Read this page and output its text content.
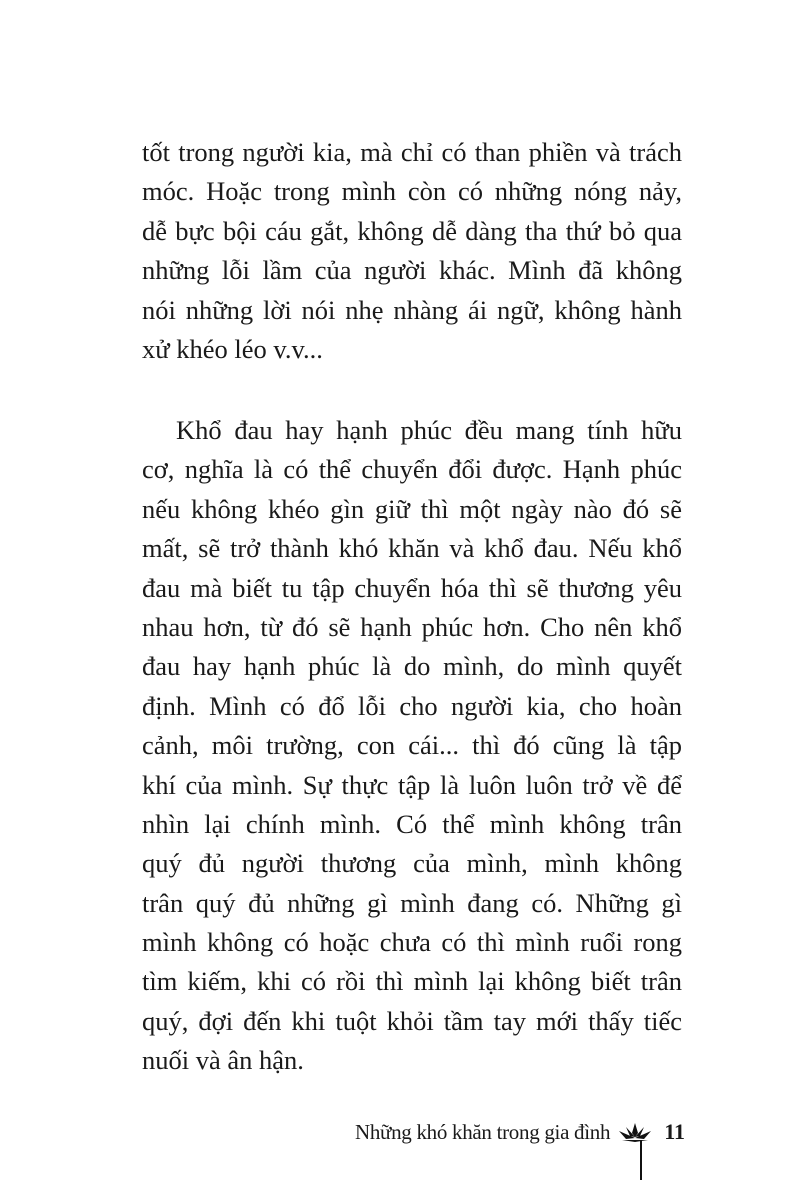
tốt trong người kia, mà chỉ có than phiền và trách
móc. Hoặc trong mình còn có những nóng nảy,
dễ bực bội cáu gắt, không dễ dàng tha thứ bỏ qua
những lỗi lầm của người khác. Mình đã không
nói những lời nói nhẹ nhàng ái ngữ, không hành
xử khéo léo v.v...
Khổ đau hay hạnh phúc đều mang tính hữu
cơ, nghĩa là có thể chuyển đổi được. Hạnh phúc
nếu không khéo gìn giữ thì một ngày nào đó sẽ
mất, sẽ trở thành khó khăn và khổ đau. Nếu khổ
đau mà biết tu tập chuyển hóa thì sẽ thương yêu
nhau hơn, từ đó sẽ hạnh phúc hơn. Cho nên khổ
đau hay hạnh phúc là do mình, do mình quyết
định. Mình có đổ lỗi cho người kia, cho hoàn
cảnh, môi trường, con cái... thì đó cũng là tập
khí của mình. Sự thực tập là luôn luôn trở về để
nhìn lại chính mình. Có thể mình không trân
quý đủ người thương của mình, mình không
trân quý đủ những gì mình đang có. Những gì
mình không có hoặc chưa có thì mình ruổi rong
tìm kiếm, khi có rồi thì mình lại không biết trân
quý, đợi đến khi tuột khỏi tầm tay mới thấy tiếc
nuối và ân hận.
Những khó khăn trong gia đình 11
